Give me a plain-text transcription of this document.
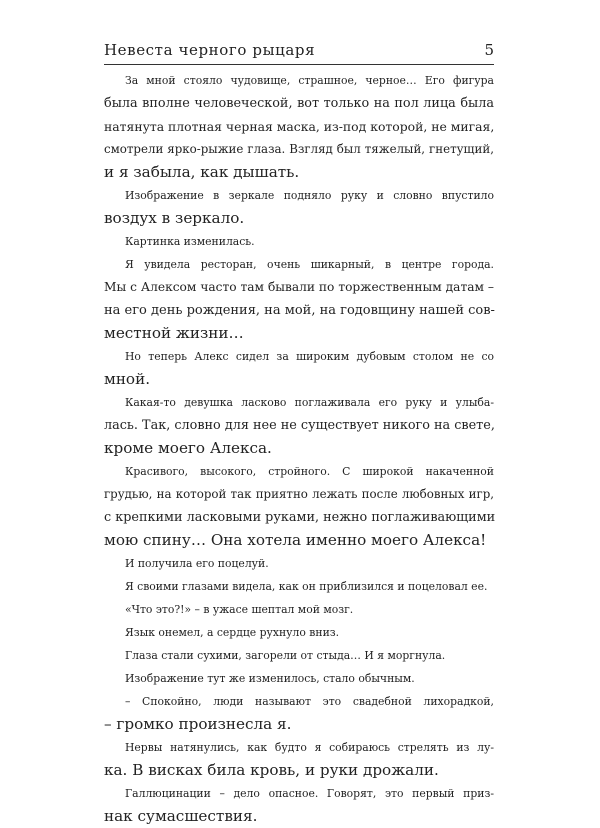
Невеста черного рыцаря	5

За мной стояло чудовище, страшное, черное… Его фигура
была вполне человеческой, вот только на пол лица была
натянута плотная черная маска, из-под которой, не мигая,
смотрели ярко-рыжие глаза. Взгляд был тяжелый, гнетущий,
и я забыла, как дышать.

Изображение в зеркале подняло руку и словно впустило
воздух в зеркало.

Картинка изменилась.

Я увидела ресторан, очень шикарный, в центре города.
Мы с Алексом часто там бывали по торжественным датам –
на его день рождения, на мой, на годовщину нашей сов-
местной жизни…

Но теперь Алекс сидел за широким дубовым столом не со
мной.

Какая-то девушка ласково поглаживала его руку и улыба-
лась. Так, словно для нее не существует никого на свете,
кроме моего Алекса.

Красивого, высокого, стройного. С широкой накаченной
грудью, на которой так приятно лежать после любовных игр,
с крепкими ласковыми руками, нежно поглаживающими
мою спину… Она хотела именно моего Алекса!

И получила его поцелуй.

Я своими глазами видела, как он приблизился и поцеловал ее.

«Что это?!» – в ужасе шептал мой мозг.

Язык онемел, а сердце рухнуло вниз.

Глаза стали сухими, загорели от стыда… И я моргнула.

Изображение тут же изменилось, стало обычным.

– Спокойно, люди называют это свадебной лихорадкой,
– громко произнесла я.

Нервы натянулись, как будто я собираюсь стрелять из лу-
ка. В висках била кровь, и руки дрожали.

Галлюцинации – дело опасное. Говорят, это первый приз-
нак сумасшествия.
